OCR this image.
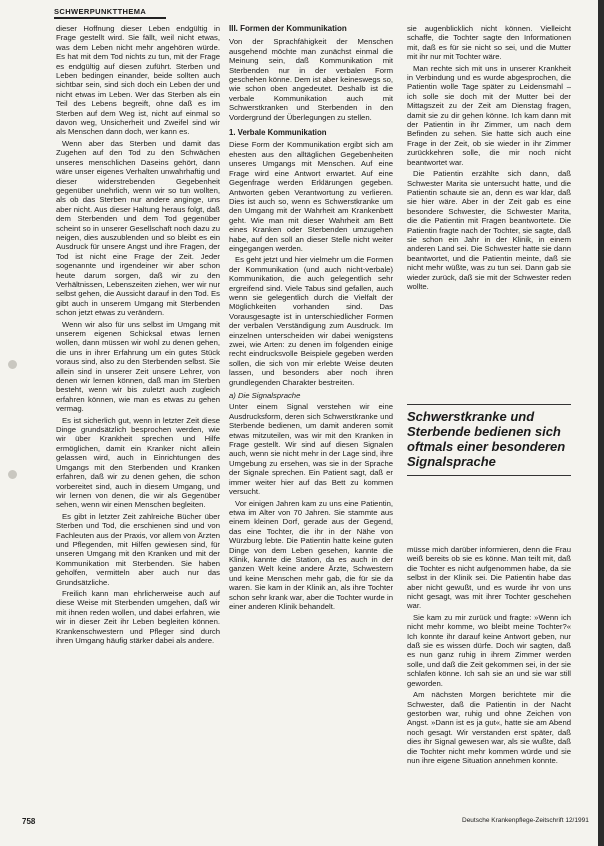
SCHWERPUNKTTHEMA

dieser Hoffnung dieser Leben endgültig in Frage gestellt wird. Sie fällt, weil nicht etwas, was dem Leben nicht mehr angehören würde. Es hat mit dem Tod nichts zu tun, mit der Frage es endgültig auf diesen zuführt. Sterben und Leben bedingen einander, beide sollten auch sichtbar sein, sind sich doch ein Leben der und nicht etwas im Leben. Wer das Sterben als ein Teil des Lebens begreift, ohne daß es im Sterben auf dem Weg ist, nicht auf einmal so davon weg, Unsicherheit und Zweifel sind wir als Menschen dann doch, wer kann es.

Wenn aber das Sterben und damit das Zugehen auf den Tod zu den Schwächen unseres menschlichen Daseins gehört, dann wäre unser eigenes Verhalten unwahrhaftig und dieser widerstrebenden Gegebenheit gegenüber unehrlich, wenn wir so tun wollten, als ob das Sterben nur andere anginge, uns aber nicht. Aus dieser Haltung heraus folgt, daß dem Sterbenden und dem Tod gegenüber scheint so in unserer Gesellschaft noch dazu zu neigen, dies auszublenden und so bleibt es ein Ausdruck für unsere Angst und ihre Fragen, der Tod ist nicht eine Frage der Zeit. Jeder sogenannte und irgendeiner wir aber schon heute darum sorgen, daß wir zu den Verhältnissen, Lebenszeiten ziehen, wer wir nur selbst gehen, die Aussicht darauf in den Tod. Es gibt auch in unserem Umgang mit Sterbenden schon jetzt etwas zu verändern.

Wenn wir also für uns selbst im Umgang mit unserem eigenen Schicksal etwas lernen wollen, dann müssen wir wohl zu denen gehen, die uns in ihrer Erfahrung um ein gutes Stück voraus sind, also zu den Sterbenden selbst. Sie allein sind in unserer Zeit unsere Lehrer, von denen wir lernen können, daß man im Sterben besteht, wenn wir bis zuletzt auch zugleich erfahren können, wie man es etwas zu gehen vermag.

Es ist sicherlich gut, wenn in letzter Zeit diese Dinge grundsätzlich besprochen werden, wie wir über Krankheit sprechen und Hilfe ermöglichen, damit ein Kranker nicht allein gelassen wird, auch in Einrichtungen des Umgangs mit den Sterbenden und Kranken erfahren, daß wir zu denen gehen, die schon vorbereitet sind, auch in diesem Umgang, und wir lernen von denen, die wir als Gegenüber sehen, wenn wir einen Menschen begleiten.

Es gibt in letzter Zeit zahlreiche Bücher über Sterben und Tod, die erschienen sind und von Fachleuten aus der Praxis, vor allem von Ärzten und Pflegenden, mit Hilfen gewiesen sind, für unseren Umgang mit den Kranken und mit der Kommunikation mit Sterbenden. Sie haben geholfen, vermitteln aber auch nur das Grundsätzliche.

Freilich kann man ehrlicherweise auch auf diese Weise mit Sterbenden umgehen, daß wir mit ihnen reden wollen, und dabei erfahren, wie wir in dieser Zeit ihr Leben begleiten können. Krankenschwestern und Pfleger sind durch ihren Umgang häufig stärker dabei als andere.

III. Formen der Kommunikation

Von der Sprachfähigkeit der Menschen ausgehend möchte man zunächst einmal die Meinung sein, daß Kommunikation mit Sterbenden nur in der verbalen Form geschehen könne. Dem ist aber keineswegs so, wie schon oben angedeutet. Deshalb ist die verbale Kommunikation auch mit Schwerstkranken und Sterbenden in den Vordergrund der Überlegungen zu stellen.

1. Verbale Kommunikation

Diese Form der Kommunikation ergibt sich am ehesten aus den alltäglichen Gegebenheiten unseres Umgangs mit Menschen. Auf eine Frage wird eine Antwort erwartet. Auf eine Gegenfrage werden Erklärungen gegeben. Antworten geben Verantwortung zu verlieren. Dies ist auch so, wenn es Schwerstkranke um den Umgang mit der Wahrheit am Krankenbett geht. Wie man mit dieser Wahrheit am Bett eines Kranken oder Sterbenden umzugehen habe, auf den soll an dieser Stelle nicht weiter eingegangen werden.

Es geht jetzt und hier vielmehr um die Formen der Kommunikation (und auch nicht-verbale) Kommunikation, die auch gelegentlich sehr ergreifend sind. Viele Tabus sind gefallen, auch wenn sie gelegentlich durch die Vielfalt der Möglichkeiten vorhanden sind. Das Vorausgesagte ist in unterschiedlicher Formen der verbalen Verständigung zum Ausdruck. Im einzelnen unterscheiden wir dabei wenigstens zwei, wie Arten: zu denen im folgenden einige recht eindrucksvolle Beispiele gegeben werden sollen, die sich von mir erlebte Weise deuten lassen, und besonders aber noch ihren grundlegenden Charakter bestreiten.

a) Die Signalsprache

Unter einem Signal verstehen wir eine Ausdrucksform, deren sich Schwerstkranke und Sterbende bedienen, um damit anderen somit etwas mitzuteilen, was wir mit den Kranken in Frage gestellt. Wir sind auf diesen Signalen auch, wenn sie nicht mehr in der Lage sind, ihre Umgebung zu ersehen, was sie in der Sprache der Signale sprechen. Ein Patient sagt, daß er immer weiter hier auf das Bett zu kommen versucht.

Vor einigen Jahren kam zu uns eine Patientin, etwa im Alter von 70 Jahren. Sie stammte aus einem kleinen Dorf, gerade aus der Gegend, das eine Tochter, die ihr in der Nähe von Würzburg lebte. Die Patientin hatte keine guten Dinge von dem Leben gesehen, kannte die Klinik, kannte die Station, da es auch in der ganzen Welt keine andere Ärzte, Schwestern und keine Menschen mehr gab, die für sie da waren. Sie kam in der Klinik an, als ihre Tochter schon sehr krank war, aber die Tochter wurde in einer anderen Klinik behandelt.

sie augenblicklich nicht können. Vielleicht schaffe, die Tochter sagte den Informationen mit, daß es für sie nicht so sei, und die Mutter mit ihr nur mit Tochter wäre.

Man rechte sich mit uns in unserer Krankheit in Verbindung und es wurde abgesprochen, die Patientin wolle Tage später zu Leidensmahl – ich solle sie doch mit der Mutter bei der Mittagszeit zu der Zeit am Dienstag fragen, damit sie zu dir gehen könne. Ich kam dann mit der Patientin in ihr Zimmer, um nach dem Befinden zu sehen. Sie hatte sich auch eine Frage in der Zeit, ob sie wieder in ihr Zimmer zurückkehren solle, die mir noch nicht beantwortet war.

Die Patientin erzählte sich dann, daß Schwester Marita sie untersucht hatte, und die Patientin schaute sie an, denn es war klar, daß sie hier wäre. Aber in der Zeit gab es eine besondere Schwester, die Schwester Marita, die die Patientin mit Fragen beantwortete. Die Patientin fragte nach der Tochter, sie sagte, daß sie schon ein Jahr in der Klinik, in einem anderen Land sei. Die Schwester hatte sie dann beantwortet, und die Patientin meinte, daß sie nicht mehr wüßte, was zu tun sei. Dann gab sie wieder zurück, daß sie mit der Schwester reden wollte.

Schwerstkranke und Sterbende bedienen sich oftmals einer besonderen Signalsprache

müsse mich darüber informieren, denn die Frau weiß bereits ob sie es könne. Man teilt mit, daß die Tochter es nicht aufgenommen habe, da sie selbst in der Klinik sei. Die Patientin habe das aber nicht gewußt, und es wurde ihr von uns nicht gesagt, was mit ihrer Tochter geschehen war.

Sie kam zu mir zurück und fragte: »Wenn ich nicht mehr komme, wo bleibt meine Tochter?« Ich konnte ihr darauf keine Antwort geben, nur daß sie es wissen dürfe. Doch wir sagten, daß es nun ganz ruhig in ihrem Zimmer werden solle, und daß die Zeit gekommen sei, in der sie schlafen könne. Ich sah sie an und sie war still geworden.

Am nächsten Morgen berichtete mir die Schwester, daß die Patientin in der Nacht gestorben war, ruhig und ohne Zeichen von Angst. »Dann ist es ja gut«, hatte sie am Abend noch gesagt. Wir verstanden erst später, daß dies ihr Signal gewesen war, als sie wußte, daß die Tochter nicht mehr kommen würde und sie nun ihre eigene Situation annehmen konnte.

758	Deutsche Krankenpflege-Zeitschrift 12/1991
